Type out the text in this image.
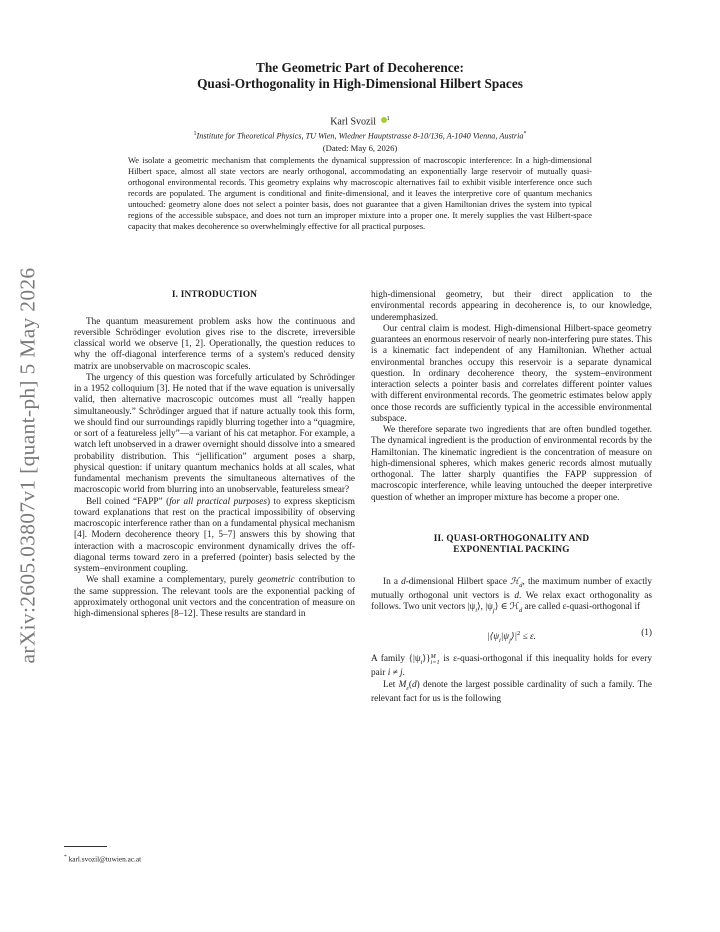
arXiv:2605.03807v1 [quant-ph] 5 May 2026
The Geometric Part of Decoherence:
Quasi-Orthogonality in High-Dimensional Hilbert Spaces
Karl Svozil $^1$
$^1$Institute for Theoretical Physics, TU Wien, Wiedner Hauptstrasse 8-10/136, A-1040 Vienna, Austria*
(Dated: May 6, 2026)
We isolate a geometric mechanism that complements the dynamical suppression of macroscopic interference: In a high-dimensional Hilbert space, almost all state vectors are nearly orthogonal, accommodating an exponentially large reservoir of mutually quasi-orthogonal environmental records. This geometry explains why macroscopic alternatives fail to exhibit visible interference once such records are populated. The argument is conditional and finite-dimensional, and it leaves the interpretive core of quantum mechanics untouched: geometry alone does not select a pointer basis, does not guarantee that a given Hamiltonian drives the system into typical regions of the accessible subspace, and does not turn an improper mixture into a proper one. It merely supplies the vast Hilbert-space capacity that makes decoherence so overwhelmingly effective for all practical purposes.
I. INTRODUCTION

The quantum measurement problem asks how the continuous and reversible Schrödinger evolution gives rise to the discrete, irreversible classical world we observe [1, 2]. Operationally, the question reduces to why the off-diagonal interference terms of a system's reduced density matrix are unobservable on macroscopic scales.

The urgency of this question was forcefully articulated by Schrödinger in a 1952 colloquium [3]. He noted that if the wave equation is universally valid, then alternative macroscopic outcomes must all “really happen simultaneously.” Schrödinger argued that if nature actually took this form, we should find our surroundings rapidly blurring together into a “quagmire, or sort of a featureless jelly”—a variant of his cat metaphor. For example, a watch left unobserved in a drawer overnight should dissolve into a smeared probability distribution. This “jellification” argument poses a sharp, physical question: if unitary quantum mechanics holds at all scales, what fundamental mechanism prevents the simultaneous alternatives of the macroscopic world from blurring into an unobservable, featureless smear?

Bell coined “FAPP” (for all practical purposes) to express skepticism toward explanations that rest on the practical impossibility of observing macroscopic interference rather than on a fundamental physical mechanism [4]. Modern decoherence theory [1, 5–7] answers this by showing that interaction with a macroscopic environment dynamically drives the off-diagonal terms toward zero in a preferred (pointer) basis selected by the system–environment coupling.

We shall examine a complementary, purely geometric contribution to the same suppression. The relevant tools are the exponential packing of approximately orthogonal unit vectors and the concentration of measure on high-dimensional spheres [8–12]. These results are standard in

high-dimensional geometry, but their direct application to the environmental records appearing in decoherence is, to our knowledge, underemphasized.

Our central claim is modest. High-dimensional Hilbert-space geometry guarantees an enormous reservoir of nearly non-interfering pure states. This is a kinematic fact independent of any Hamiltonian. Whether actual environmental branches occupy this reservoir is a separate dynamical question. In ordinary decoherence theory, the system–environment interaction selects a pointer basis and correlates different pointer values with different environmental records. The geometric estimates below apply once those records are sufficiently typical in the accessible environmental subspace.

We therefore separate two ingredients that are often bundled together. The dynamical ingredient is the production of environmental records by the Hamiltonian. The kinematic ingredient is the concentration of measure on high-dimensional spheres, which makes generic records almost mutually orthogonal. The latter sharply quantifies the FAPP suppression of macroscopic interference, while leaving untouched the deeper interpretive question of whether an improper mixture has become a proper one.

II. QUASI-ORTHOGONALITY AND
EXPONENTIAL PACKING

In a d-dimensional Hilbert space ℋ$_d$, the maximum number of exactly mutually orthogonal unit vectors is d. We relax exact orthogonality as follows. Two unit vectors $|\psi_i⟩$, $|\psi_j⟩$ ∈ ℋ$_d$ are called ε-quasi-orthogonal if

$|⟨\psi_i|\psi_j⟩|^2 \le \varepsilon$.	(1)

A family $\{|\psi_i⟩\}M$
i=1 is ε-quasi-orthogonal if this inequality holds for every pair i ≠ j.

Let $M_\varepsilon(d)$ denote the largest possible cardinality of such a family. The relevant fact for us is the following

* karl.svozil@tuwien.ac.at
